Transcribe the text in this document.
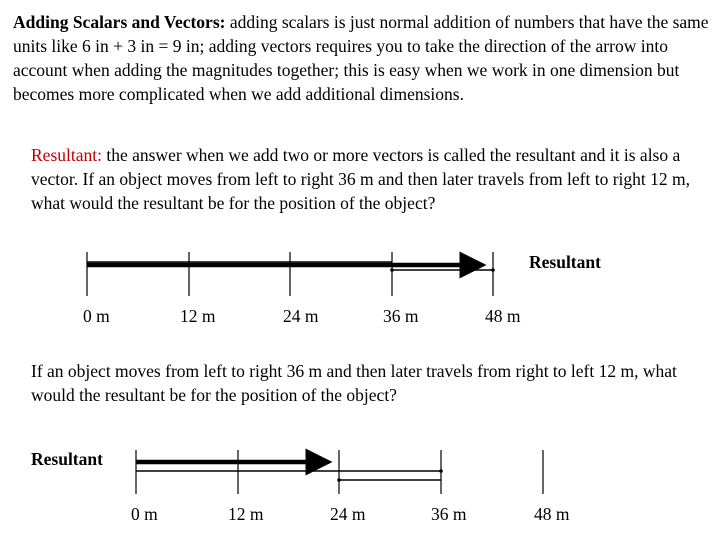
Adding Scalars and Vectors: adding scalars is just normal addition of numbers that have the same units like 6 in + 3 in = 9 in; adding vectors requires you to take the direction of the arrow into account when adding the magnitudes together; this is easy when we work in one dimension but becomes more complicated when we add additional dimensions.
Resultant: the answer when we add two or more vectors is called the resultant and it is also a vector. If an object moves from left to right 36 m and then later travels from left to right 12 m, what would the resultant be for the position of the object?
Resultant
0 m	12 m	24 m	36 m	48 m
If an object moves from left to right 36 m and then later travels from right to left 12 m, what would the resultant be for the position of the object?
Resultant
0 m	12 m	24 m	36 m	48 m
